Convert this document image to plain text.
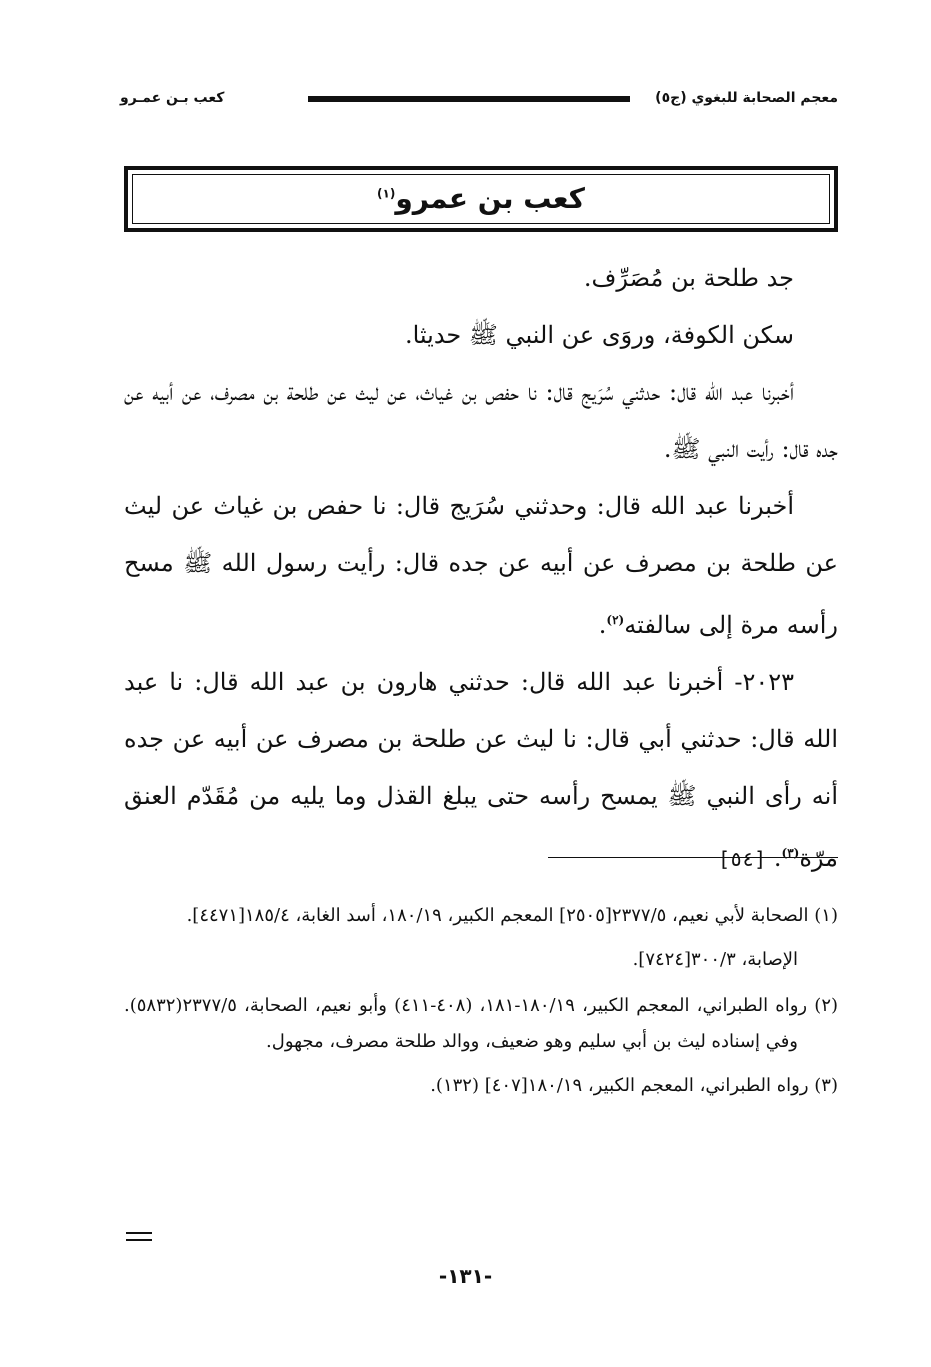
معجم الصحابة للبغوي (ج٥)
كعب بـن عمـرو
كعب بن عمرو$^{(١)}$

جد طلحة بن مُصَرِّف.

سكن الكوفة، وروَى عن النبي ﷺ حديثا.

أخبرنا عبد الله قال: حدثني سُرَيج قال: نا حفص بن غياث، عن ليث عن طلحة بن مصرف، عن أبيه عن جده قال: رأيت النبي ﷺ.

أخبرنا عبد الله قال: وحدثني سُرَيج قال: نا حفص بن غياث عن ليث عن طلحة بن مصرف عن أبيه عن جده قال: رأيت رسول الله ﷺ مسح رأسه مرة إلى سالفته$^{(٢)}$.

٢٠٢٣- أخبرنا عبد الله قال: حدثني هارون بن عبد الله قال: نا عبد الله قال: حدثني أبي قال: نا ليث عن طلحة بن مصرف عن أبيه عن جده أنه رأى النبي ﷺ يمسح رأسه حتى يبلغ القذل وما يليه من مُقَدّم العنق مرّة$^{(٣)}$. [٥٤]

(١) الصحابة لأبي نعيم، ٢٣٧٧/٥[٢٥٠٥] المعجم الكبير، ١٨٠/١٩، أسد الغابة، ١٨٥/٤[٤٤٧١].

الإصابة، ٣٠٠/٣[٧٤٢٤].

(٢) رواه الطبراني، المعجم الكبير، ١٨٠/١٩-١٨١، (٤٠٨-٤١١) وأبو نعيم، الصحابة، ٢٣٧٧/٥(٥٨٣٢). وفي إسناده ليث بن أبي سليم وهو ضعيف، ووالد طلحة مصرف، مجهول.

(٣) رواه الطبراني، المعجم الكبير، ١٨٠/١٩[٤٠٧] (١٣٢).

-١٣١-
